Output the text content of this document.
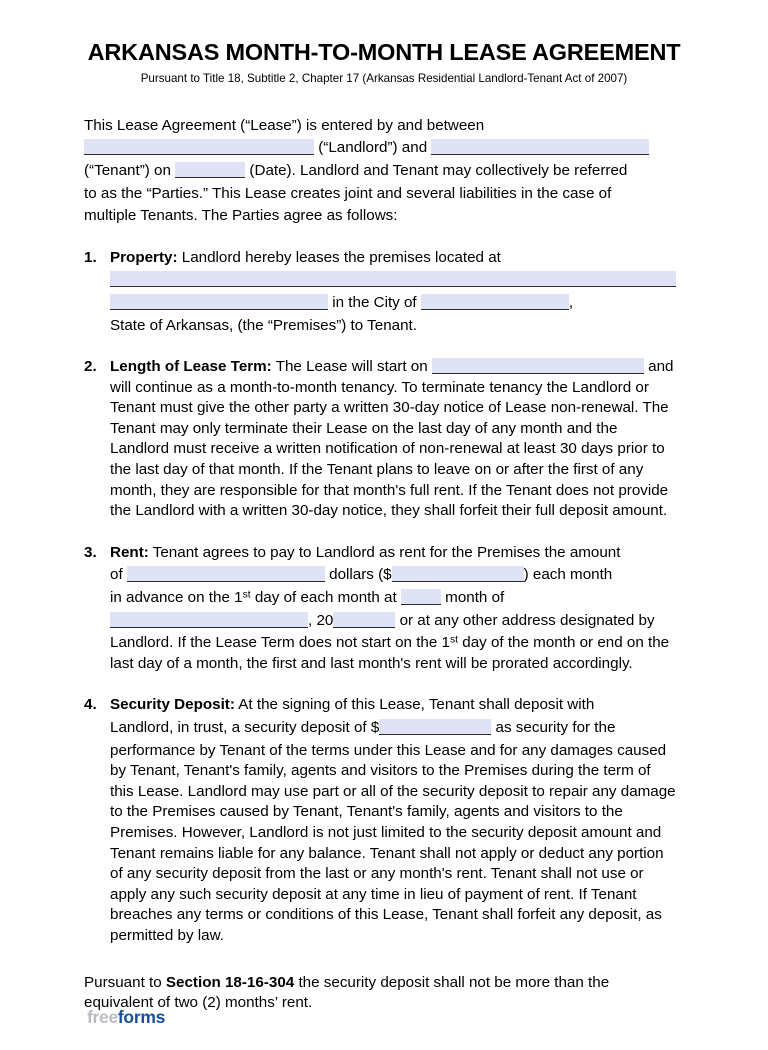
ARKANSAS MONTH-TO-MONTH LEASE AGREEMENT
Pursuant to Title 18, Subtitle 2, Chapter 17 (Arkansas Residential Landlord-Tenant Act of 2007)
This Lease Agreement (“Lease”) is entered by and between
(“Landlord”) and
(“Tenant”) on	(Date). Landlord and Tenant may collectively be referred
to as the “Parties.” This Lease creates joint and several liabilities in the case of
multiple Tenants. The Parties agree as follows:
1. Property: Landlord hereby leases the premises located at
in the City of	,
State of Arkansas, (the “Premises”) to Tenant.
2. Length of Lease Term: The Lease will start on	and will continue as a month-to-month tenancy. To terminate tenancy the Landlord or Tenant must give the other party a written 30-day notice of Lease non-renewal. The Tenant may only terminate their Lease on the last day of any month and the Landlord must receive a written notification of non-renewal at least 30 days prior to the last day of that month. If the Tenant plans to leave on or after the first of any month, they are responsible for that month's full rent. If the Tenant does not provide the Landlord with a written 30-day notice, they shall forfeit their full deposit amount.
3. Rent: Tenant agrees to pay to Landlord as rent for the Premises the amount
of	dollars ($	) each month
in advance on the 1st day of each month at	month of
, 20	or at any other address designated by
Landlord. If the Lease Term does not start on the 1st day of the month or end on the last day of a month, the first and last month's rent will be prorated accordingly.
4. Security Deposit: At the signing of this Lease, Tenant shall deposit with
Landlord, in trust, a security deposit of $	as security for the
performance by Tenant of the terms under this Lease and for any damages caused by Tenant, Tenant's family, agents and visitors to the Premises during the term of this Lease. Landlord may use part or all of the security deposit to repair any damage to the Premises caused by Tenant, Tenant's family, agents and visitors to the Premises. However, Landlord is not just limited to the security deposit amount and Tenant remains liable for any balance. Tenant shall not apply or deduct any portion of any security deposit from the last or any month's rent. Tenant shall not use or apply any such security deposit at any time in lieu of payment of rent. If Tenant breaches any terms or conditions of this Lease, Tenant shall forfeit any deposit, as permitted by law.
Pursuant to Section 18-16-304 the security deposit shall not be more than the equivalent of two (2) months’ rent.
freeforms
